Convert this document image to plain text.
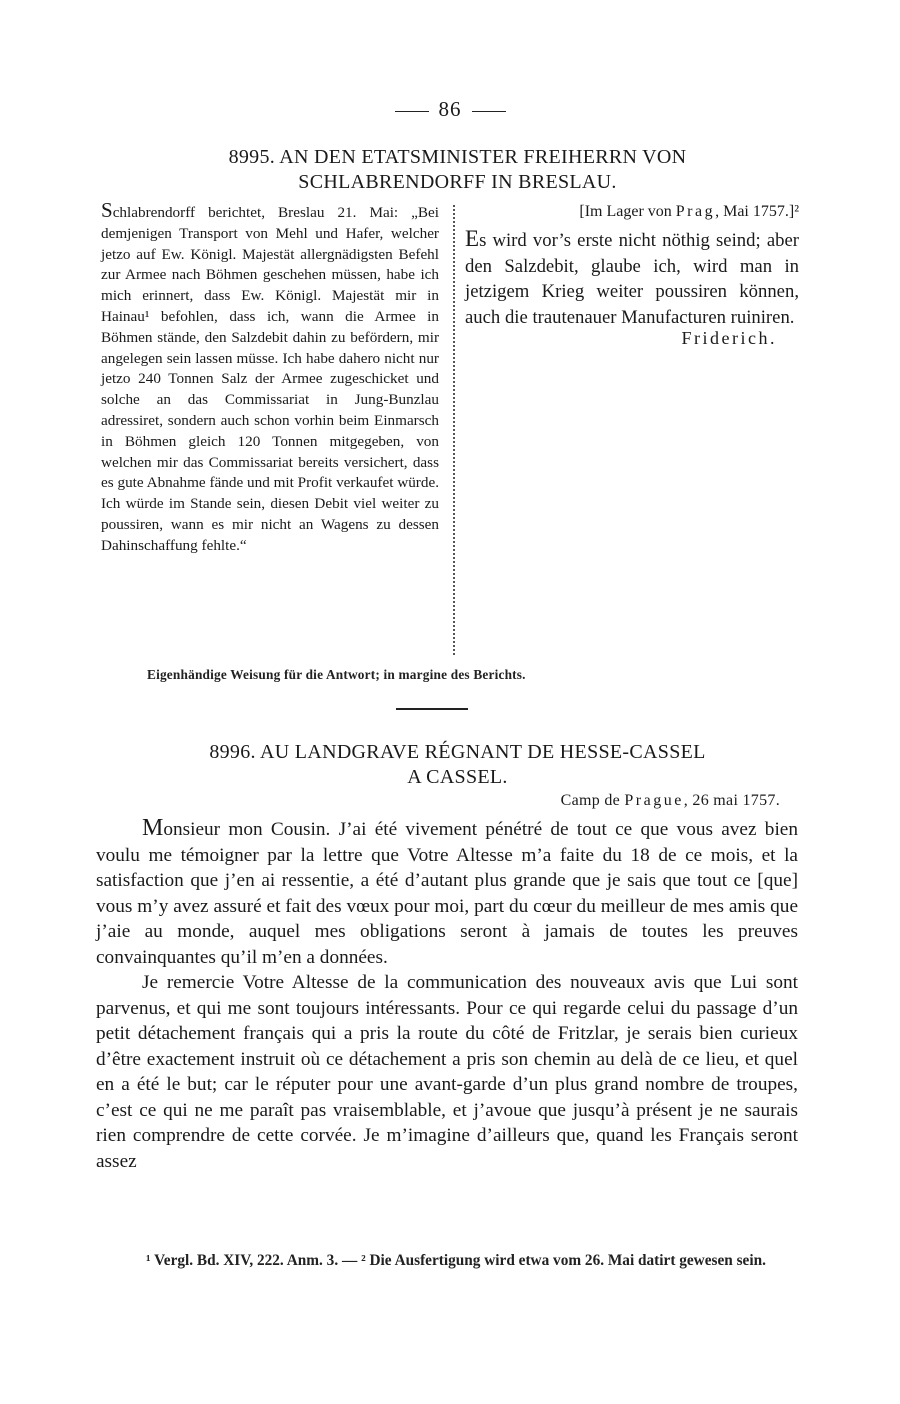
86
8995. AN DEN ETATSMINISTER FREIHERRN VON
SCHLABRENDORFF IN BRESLAU.
Schlabrendorff berichtet, Breslau 21. Mai: „Bei demjenigen Transport von Mehl und Hafer, welcher jetzo auf Ew. Königl. Majestät allergnädigsten Befehl zur Armee nach Böhmen geschehen müssen, habe ich mich erinnert, dass Ew. Königl. Majestät mir in Hainau¹ befohlen, dass ich, wann die Armee in Böhmen stände, den Salzdebit dahin zu befördern, mir angelegen sein lassen müsse. Ich habe dahero nicht nur jetzo 240 Tonnen Salz der Armee zugeschicket und solche an das Commissariat in Jung-Bunzlau adressiret, sondern auch schon vorhin beim Einmarsch in Böhmen gleich 120 Tonnen mitgegeben, von welchen mir das Commissariat bereits versichert, dass es gute Abnahme fände und mit Profit verkaufet würde. Ich würde im Stande sein, diesen Debit viel weiter zu poussiren, wann es mir nicht an Wagens zu dessen Dahinschaffung fehlte.“
[Im Lager von Prag, Mai 1757.]²
Es wird vor’s erste nicht nöthig seind; aber den Salzdebit, glaube ich, wird man in jetzigem Krieg weiter poussiren können, auch die trautenauer Manufacturen ruiniren.
Friderich.
Eigenhändige Weisung für die Antwort; in margine des Berichts.
8996. AU LANDGRAVE RÉGNANT DE HESSE-CASSEL
A CASSEL.
Camp de Prague, 26 mai 1757.

Monsieur mon Cousin. J’ai été vivement pénétré de tout ce que vous avez bien voulu me témoigner par la lettre que Votre Altesse m’a faite du 18 de ce mois, et la satisfaction que j’en ai ressentie, a été d’autant plus grande que je sais que tout ce [que] vous m’y avez assuré et fait des vœux pour moi, part du cœur du meilleur de mes amis que j’aie au monde, auquel mes obligations seront à jamais de toutes les preuves convainquantes qu’il m’en a données.

Je remercie Votre Altesse de la communication des nouveaux avis que Lui sont parvenus, et qui me sont toujours intéressants. Pour ce qui regarde celui du passage d’un petit détachement français qui a pris la route du côté de Fritzlar, je serais bien curieux d’être exactement instruit où ce détachement a pris son chemin au delà de ce lieu, et quel en a été le but; car le réputer pour une avant-garde d’un plus grand nombre de troupes, c’est ce qui ne me paraît pas vraisemblable, et j’avoue que jusqu’à présent je ne saurais rien comprendre de cette corvée. Je m’imagine d’ailleurs que, quand les Français seront assez

¹ Vergl. Bd. XIV, 222. Anm. 3. — ² Die Ausfertigung wird etwa vom 26. Mai datirt gewesen sein.
